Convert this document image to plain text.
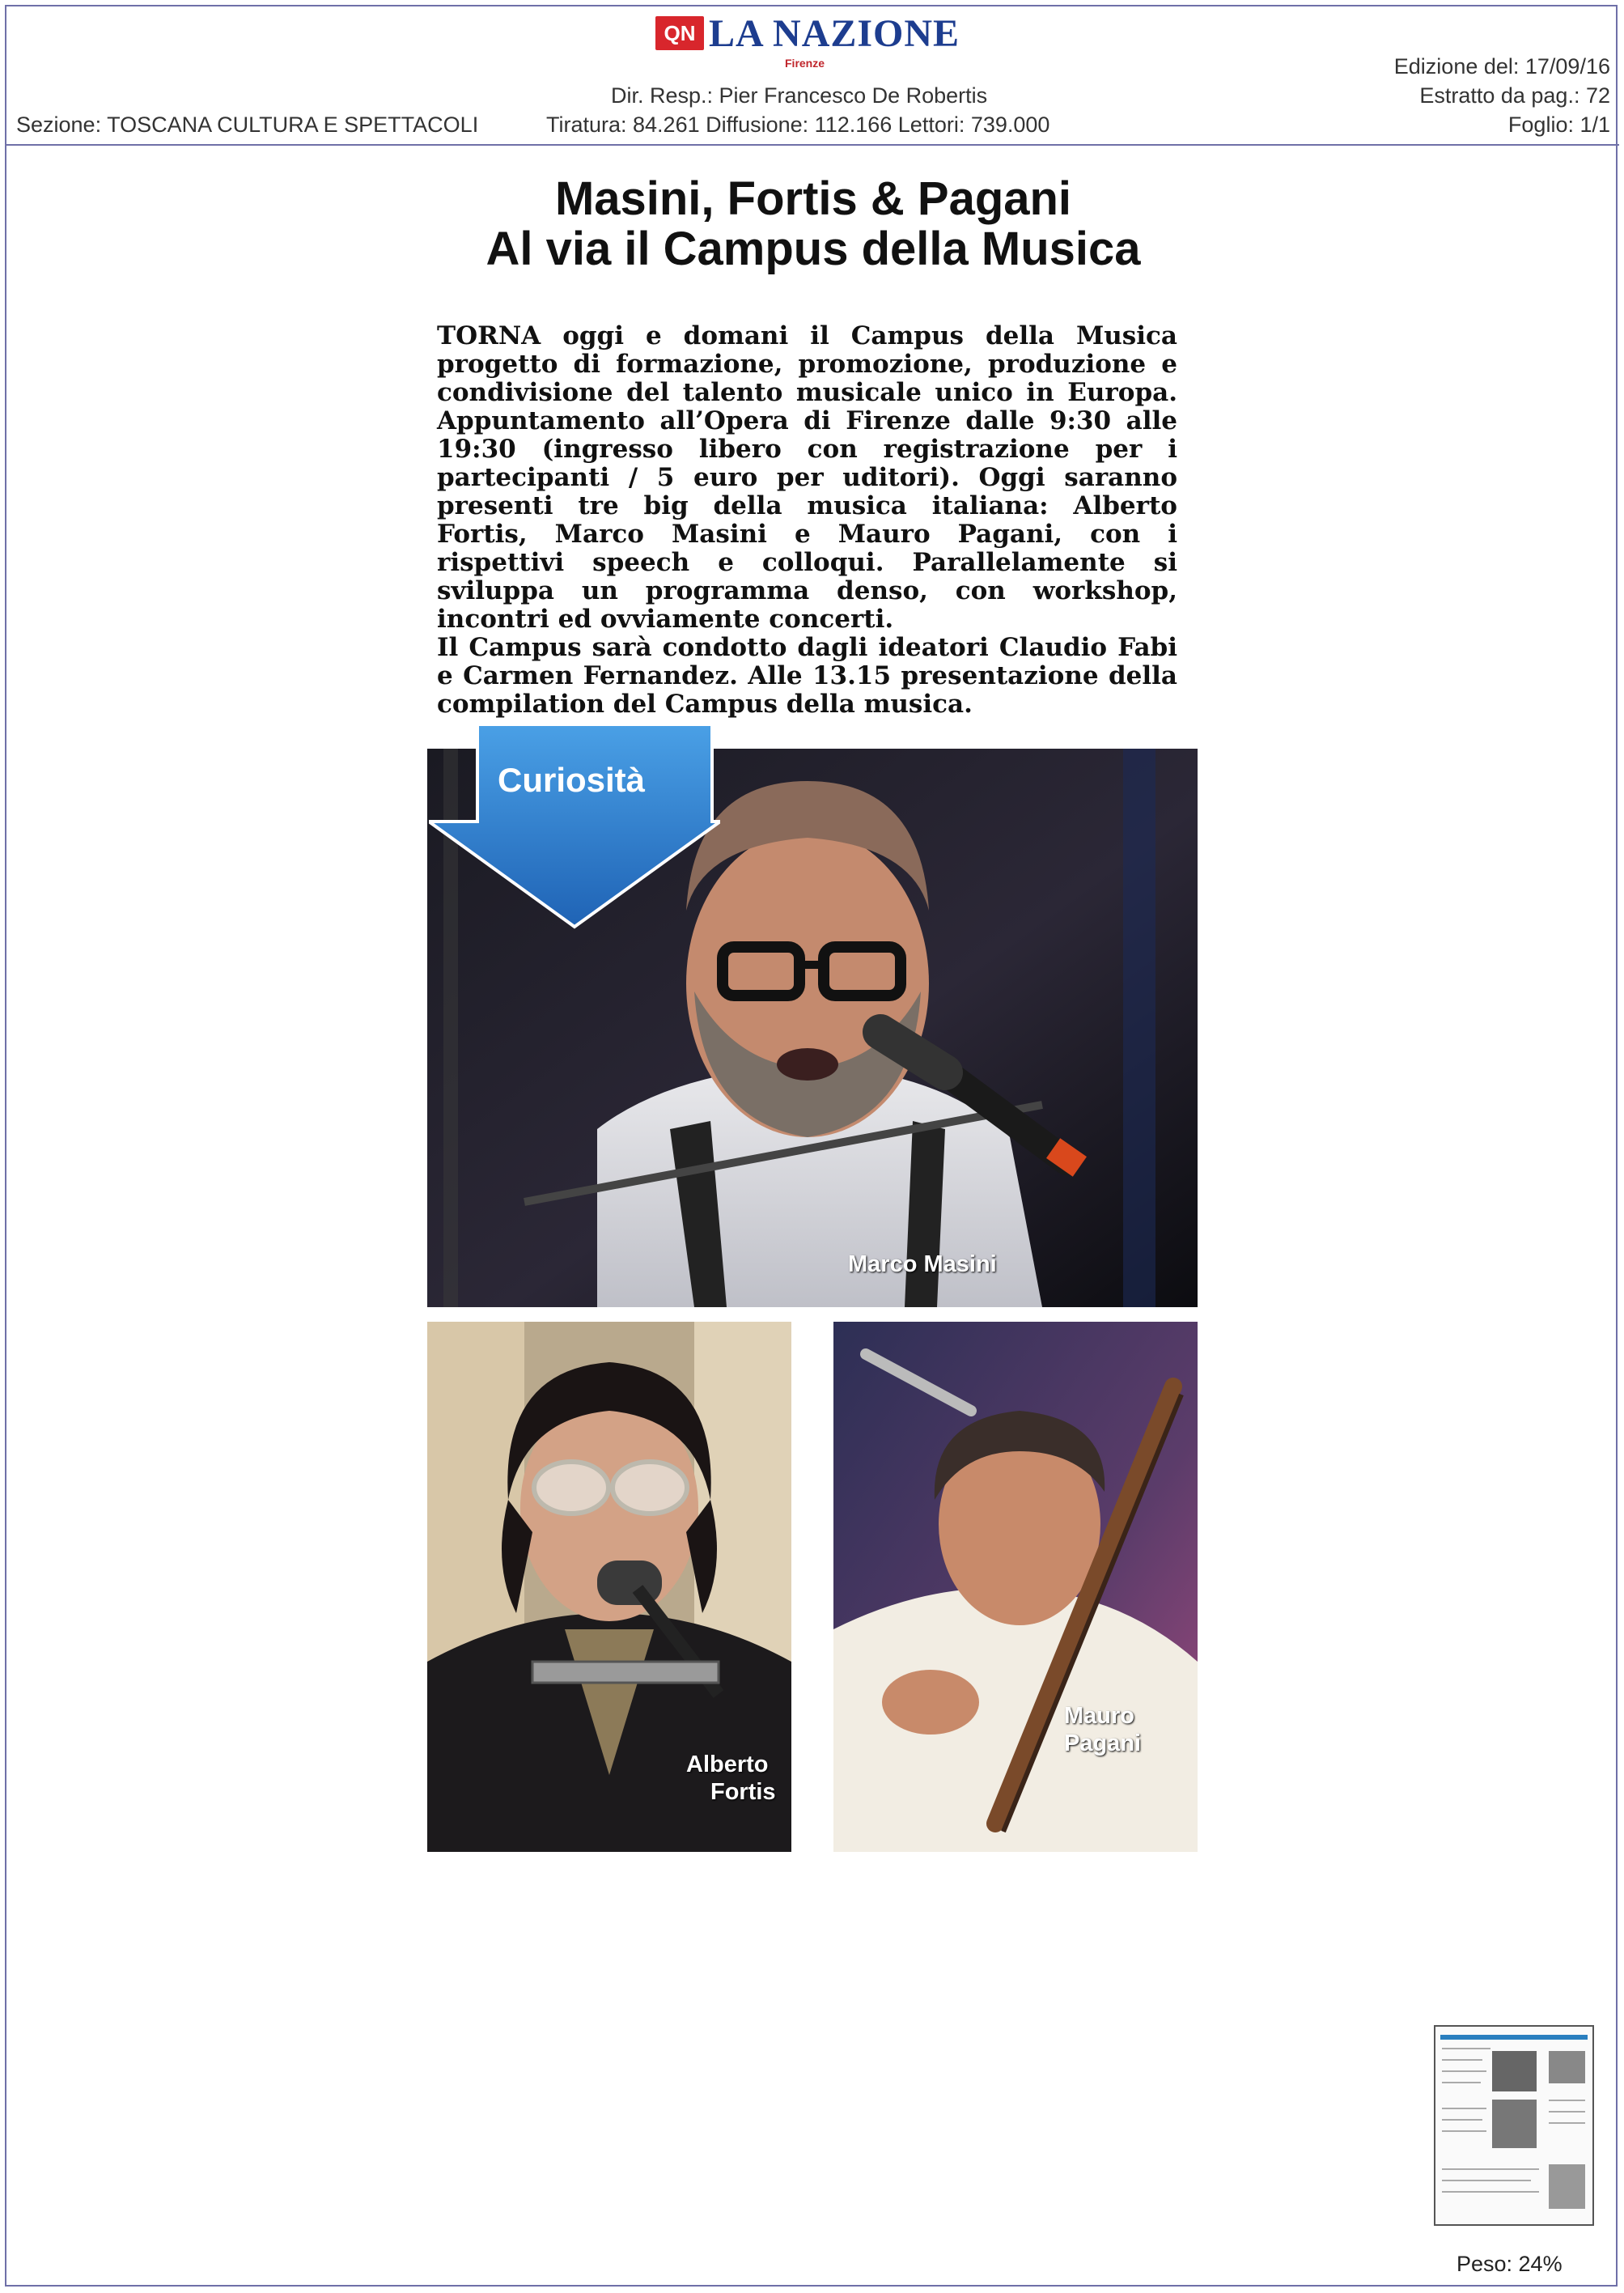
QN LA NAZIONE
Firenze
Dir. Resp.: Pier Francesco De Robertis
Sezione: TOSCANA CULTURA E SPETTACOLI	Tiratura: 84.261 Diffusione: 112.166 Lettori: 739.000
Edizione del: 17/09/16
Estratto da pag.: 72
Foglio: 1/1
Masini, Fortis & Pagani
Al via il Campus della Musica

TORNA oggi e domani il Campus della Musica progetto di formazione, promozione, produzione e condivisione del talento musicale unico in Europa. Appuntamento all’Opera di Firenze dalle 9:30 alle 19:30 (ingresso libero con registrazione per i partecipanti / 5 euro per uditori). Oggi saranno presenti tre big della musica italiana: Alberto Fortis, Marco Masini e Mauro Pagani, con i rispettivi speech e colloqui. Parallelamente si sviluppa un programma denso, con workshop, incontri ed ovviamente concerti.

Il Campus sarà condotto dagli ideatori Claudio Fabi e Carmen Fernandez. Alle 13.15 presentazione della compilation del Campus della musica.

Marco Masini
Curiosità
Alberto
Fortis
Mauro
Pagani
Peso: 24%
